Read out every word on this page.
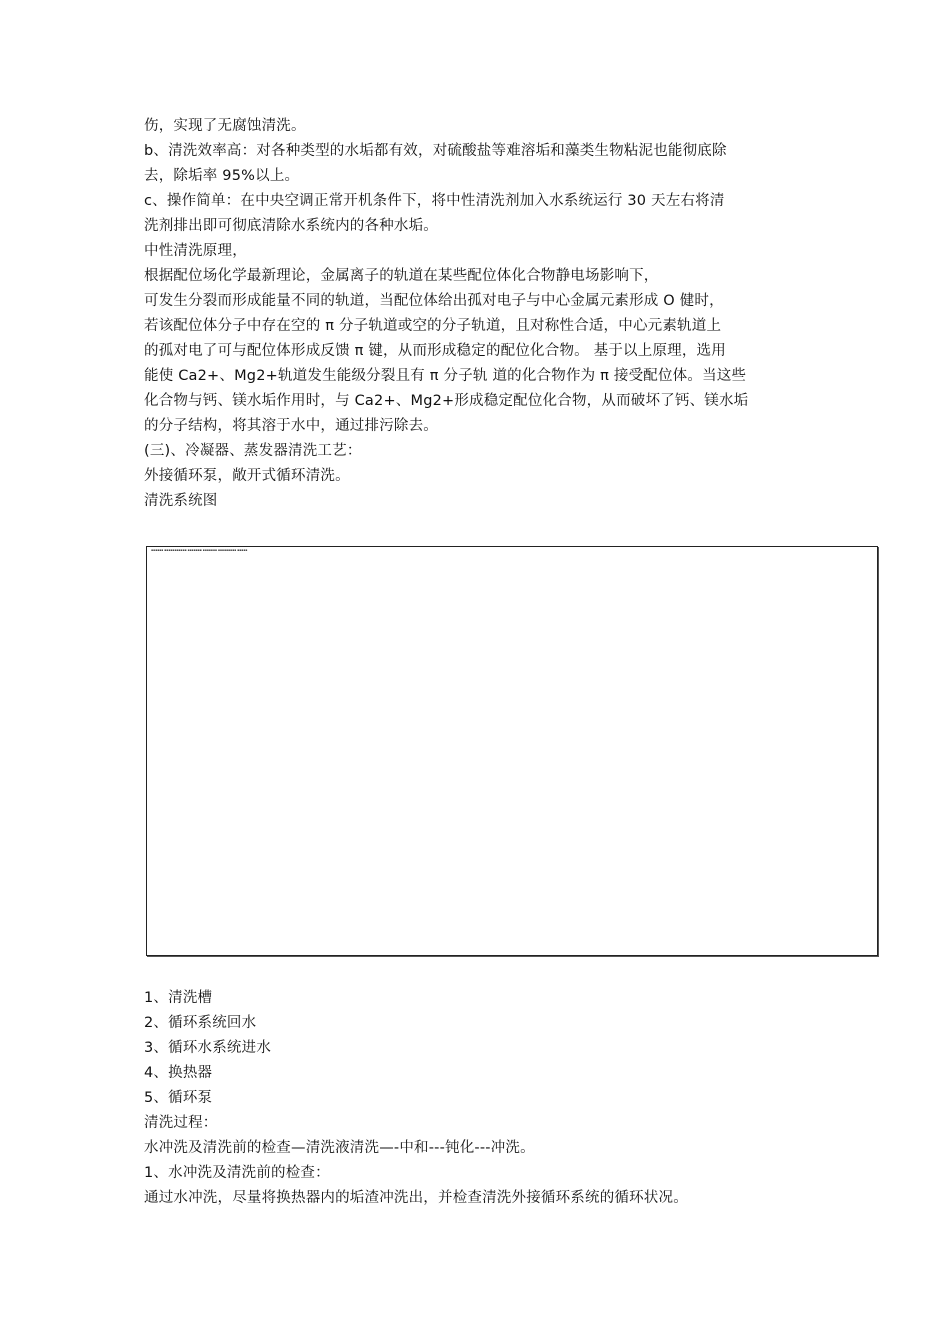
伤，实现了无腐蚀清洗。
b、清洗效率高：对各种类型的水垢都有效，对硫酸盐等难溶垢和藻类生物粘泥也能彻底除
去，除垢率 95%以上。
c、操作简单：在中央空调正常开机条件下，将中性清洗剂加入水系统运行 30 天左右将清
洗剂排出即可彻底清除水系统内的各种水垢。
中性清洗原理，
根据配位场化学最新理论，金属离子的轨道在某些配位体化合物静电场影响下，
可发生分裂而形成能量不同的轨道，当配位体给出孤对电子与中心金属元素形成 O 健时，
若该配位体分子中存在空的 π 分子轨道或空的分子轨道，且对称性合适，中心元素轨道上
的孤对电了可与配位体形成反馈 π 键，从而形成稳定的配位化合物。 基于以上原理，选用
能使 Ca2+、Mg2+轨道发生能级分裂且有 π 分子轨 道的化合物作为 π 接受配位体。当这些
化合物与钙、镁水垢作用时，与 Ca2+、Mg2+形成稳定配位化合物，从而破坏了钙、镁水垢
的分子结构，将其溶于水中，通过排污除去。
(三)、冷凝器、蒸发器清洗工艺：
外接循环泵，敞开式循环清洗。
清洗系统图
▪▪▪▪▪▪ ▪▪▪▪▪▪▪▪▪▪▪ ▪▪▪▪▪▪▪ ▪▪▪▪▪▪▪ ▪▪▪▪▪▪▪▪▪ ▪▪▪▪▪
1、清洗槽
2、循环系统回水
3、循环水系统进水
4、换热器
5、循环泵
清洗过程：
水冲洗及清洗前的检查—清洗液清洗—-中和---钝化---冲洗。
1、水冲洗及清洗前的检查：
通过水冲洗，尽量将换热器内的垢渣冲洗出，并检查清洗外接循环系统的循环状况。
